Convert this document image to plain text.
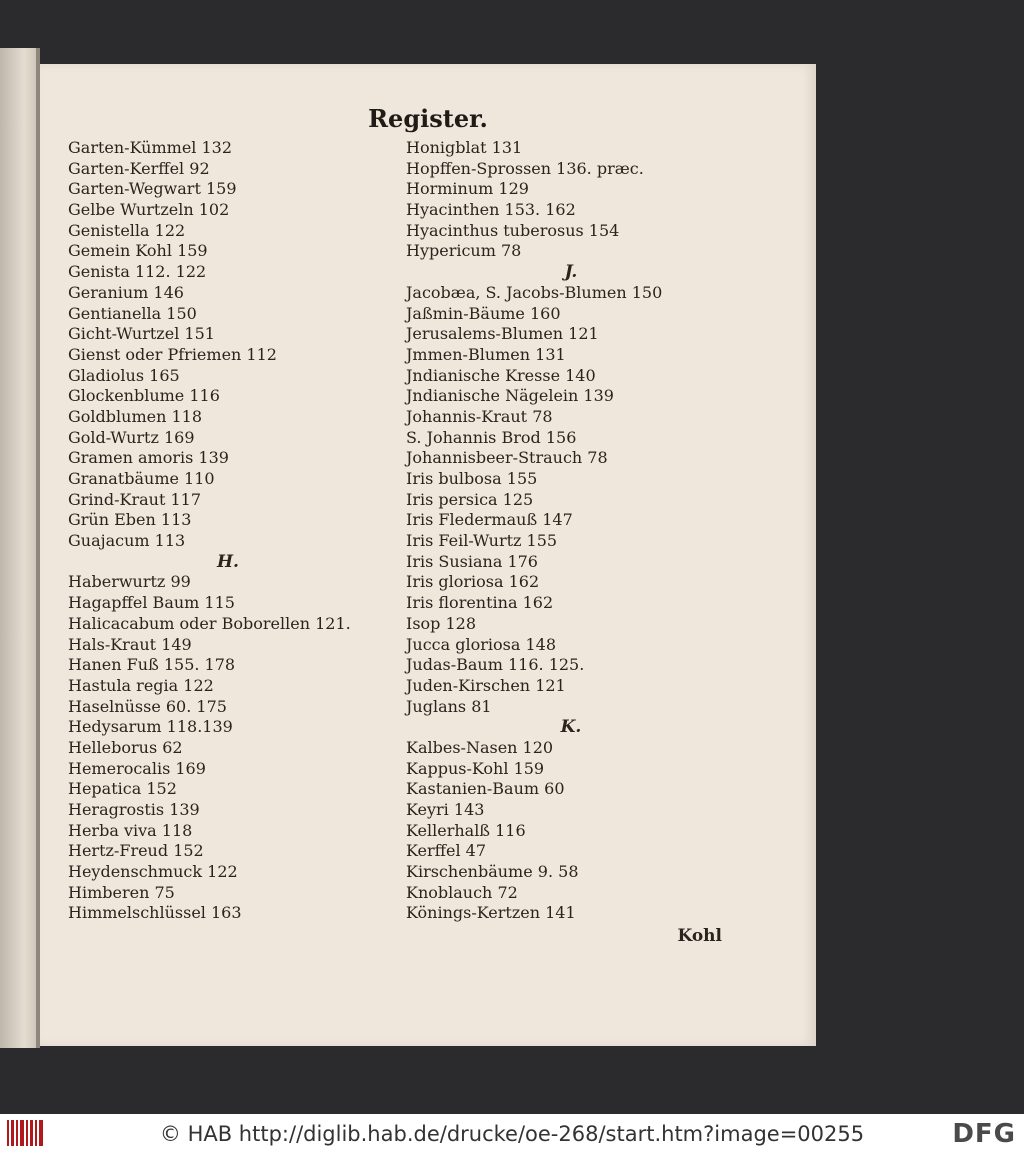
Register.
Garten-Kümmel 132
Garten-Kerffel 92
Garten-Wegwart 159
Gelbe Wurtzeln 102
Genistella 122
Gemein Kohl 159
Genista 112. 122
Geranium 146
Gentianella 150
Gicht-Wurtzel 151
Gienst oder Pfriemen 112
Gladiolus 165
Glockenblume 116
Goldblumen 118
Gold-Wurtz 169
Gramen amoris 139
Granatbäume 110
Grind-Kraut 117
Grün Eben 113
Guajacum 113
H.
Haberwurtz 99
Hagapffel Baum 115
Halicacabum oder Boborellen 121.
Hals-Kraut 149
Hanen Fuß 155. 178
Hastula regia 122
Haselnüsse 60. 175
Hedysarum 118.139
Helleborus 62
Hemerocalis 169
Hepatica 152
Heragrostis 139
Herba viva 118
Hertz-Freud 152
Heydenschmuck 122
Himberen 75
Himmelschlüssel 163
Honigblat 131
Hopffen-Sprossen 136. præc.
Horminum 129
Hyacinthen 153. 162
Hyacinthus tuberosus 154
Hypericum 78
J.
Jacobæa, S. Jacobs-Blumen 150
Jaßmin-Bäume 160
Jerusalems-Blumen 121
Jmmen-Blumen 131
Jndianische Kresse 140
Jndianische Nägelein 139
Johannis-Kraut 78
S. Johannis Brod 156
Johannisbeer-Strauch 78
Iris bulbosa 155
Iris persica 125
Iris Fledermauß 147
Iris Feil-Wurtz 155
Iris Susiana 176
Iris gloriosa 162
Iris florentina 162
Isop 128
Jucca gloriosa 148
Judas-Baum 116. 125.
Juden-Kirschen 121
Juglans 81
K.
Kalbes-Nasen 120
Kappus-Kohl 159
Kastanien-Baum 60
Keyri 143
Kellerhalß 116
Kerffel 47
Kirschenbäume 9. 58
Knoblauch 72
Könings-Kertzen 141
Kohl
© HAB http://diglib.hab.de/drucke/oe-268/start.htm?image=00255	DFG
